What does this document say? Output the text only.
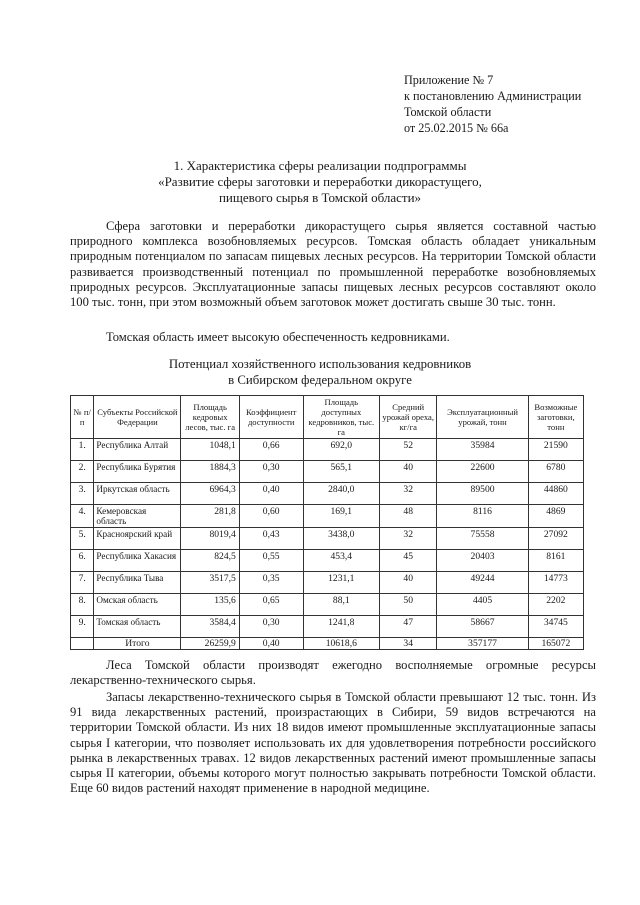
Приложение № 7
к постановлению Администрации
Томской области
от 25.02.2015 № 66а
1. Характеристика сферы реализации подпрограммы
«Развитие сферы заготовки и переработки дикорастущего,
пищевого сырья в Томской области»

Сфера заготовки и переработки дикорастущего сырья является составной частью природного комплекса возобновляемых ресурсов. Томская область обладает уникальным природным потенциалом по запасам пищевых лесных ресурсов. На территории Томской области развивается производственный потенциал по промышленной переработке возобновляемых природных ресурсов. Эксплуатационные запасы пищевых лесных ресурсов составляют около 100 тыс. тонн, при этом возможный объем заготовок может достигать свыше 30 тыс. тонн.

Томская область имеет высокую обеспеченность кедровниками.

Потенциал хозяйственного использования кедровников
в Сибирском федеральном округе
№ п/п	Субъекты Российской Федерации	Площадь кедровых лесов, тыс. га	Коэффициент доступности	Площадь доступных кедровников, тыс. га	Средний урожай ореха, кг/га	Эксплуатационный урожай, тонн	Возможные заготовки, тонн
1.	Республика Алтай	1048,1	0,66	692,0	52	35984	21590
2.	Республика Бурятия	1884,3	0,30	565,1	40	22600	6780
3.	Иркутская область	6964,3	0,40	2840,0	32	89500	44860
4.	Кемеровская область	281,8	0,60	169,1	48	8116	4869
5.	Красноярский край	8019,4	0,43	3438,0	32	75558	27092
6.	Республика Хакасия	824,5	0,55	453,4	45	20403	8161
7.	Республика Тыва	3517,5	0,35	1231,1	40	49244	14773
8.	Омская область	135,6	0,65	88,1	50	4405	2202
9.	Томская область	3584,4	0,30	1241,8	47	58667	34745
	Итого	26259,9	0,40	10618,6	34	357177	165072

Леса Томской области производят ежегодно восполняемые огромные ресурсы лекарственно-технического сырья.

Запасы лекарственно-технического сырья в Томской области превышают 12 тыс. тонн. Из 91 вида лекарственных растений, произрастающих в Сибири, 59 видов встречаются на территории Томской области. Из них 18 видов имеют промышленные эксплуатационные запасы сырья I категории, что позволяет использовать их для удовлетворения потребности российского рынка в лекарственных травах. 12 видов лекарственных растений имеют промышленные запасы сырья II категории, объемы которого могут полностью закрывать потребности Томской области. Еще 60 видов растений находят применение в народной медицине.
